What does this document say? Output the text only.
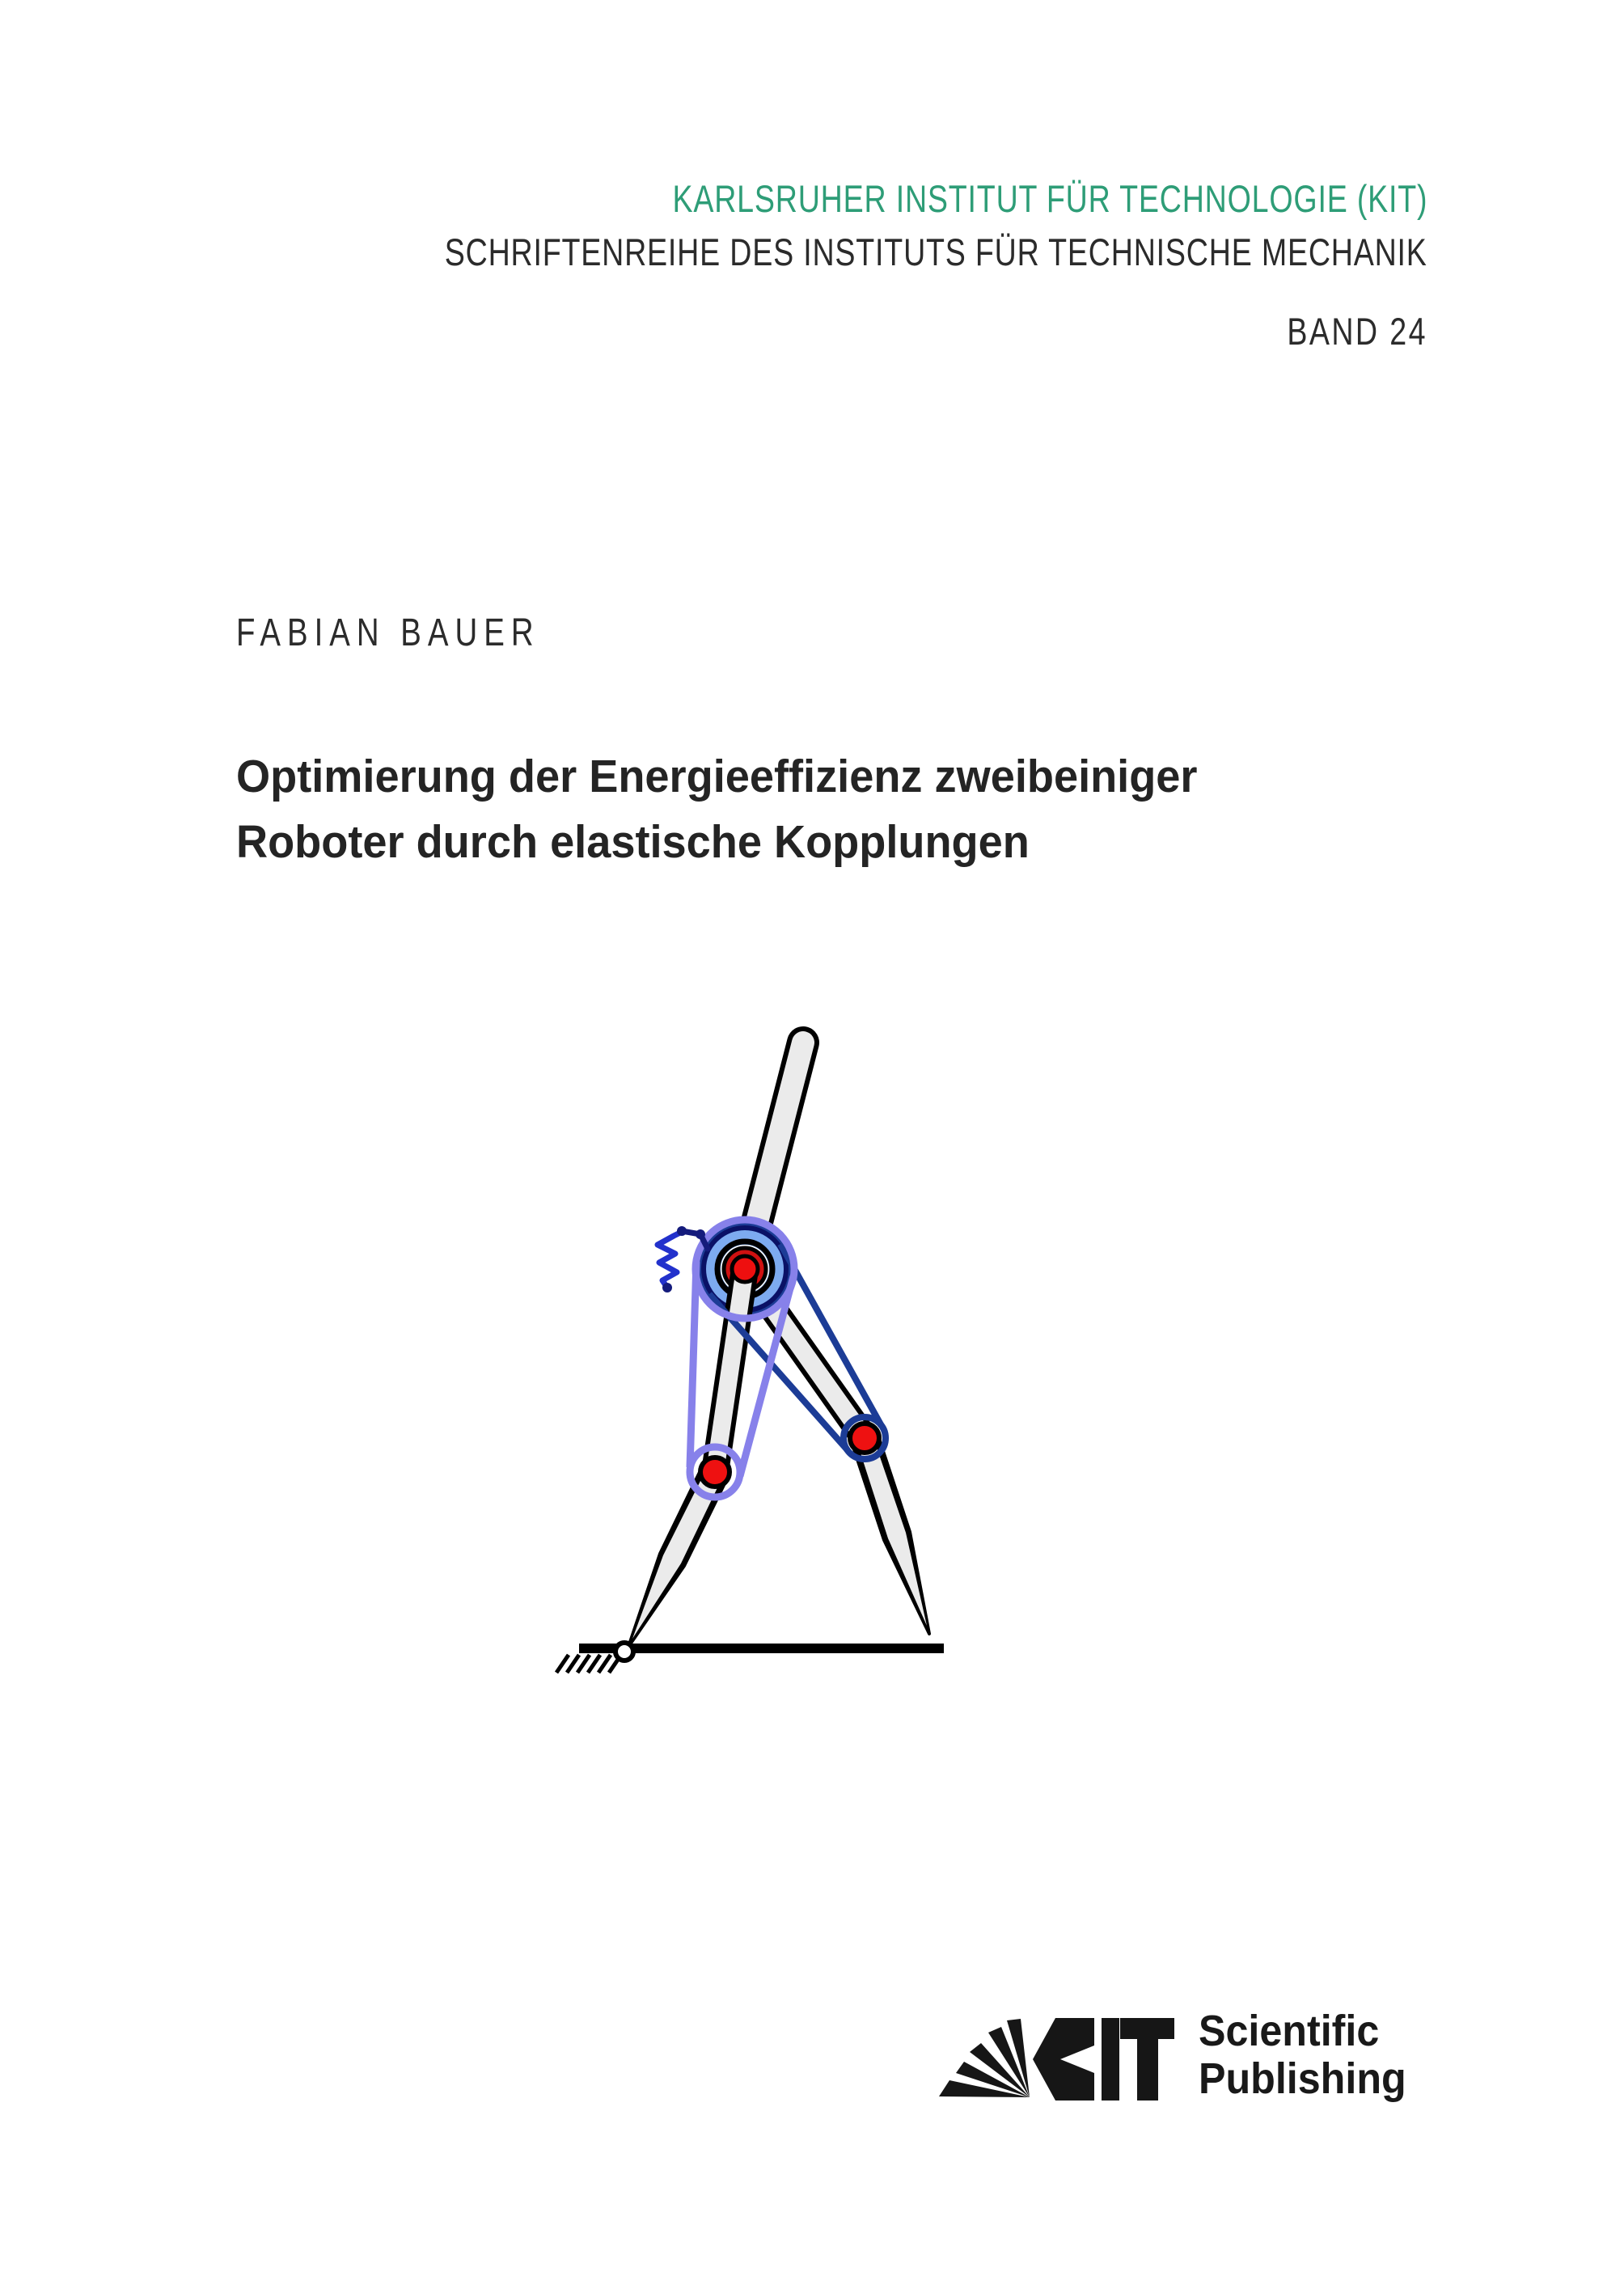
KARLSRUHER INSTITUT FÜR TECHNOLOGIE (KIT)
SCHRIFTENREIHE DES INSTITUTS FÜR TECHNISCHE MECHANIK
BAND 24
FABIAN BAUER
Optimierung der Energieeffizienz zweibeiniger
Roboter durch elastische Kopplungen
Scientific
Publishing
